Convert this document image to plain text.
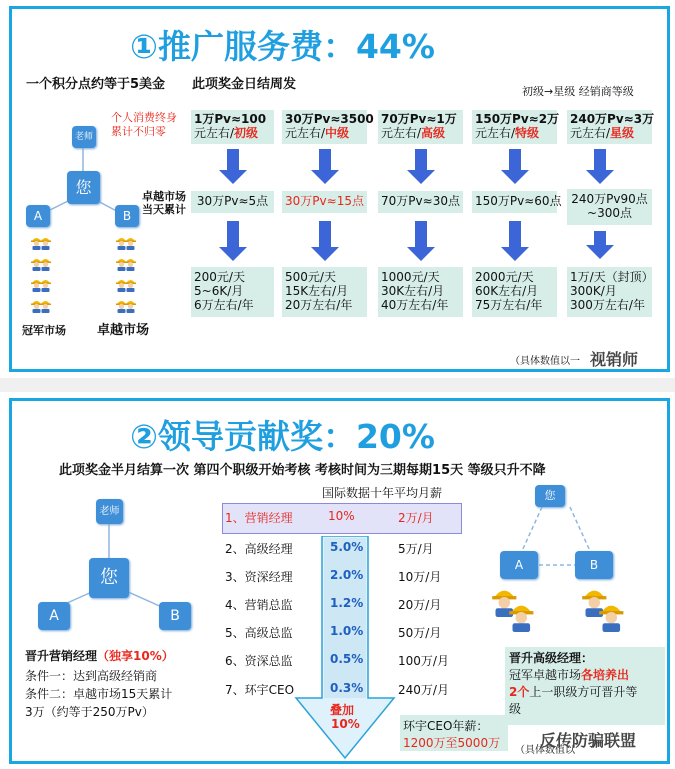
①推广服务费：44%
一个积分点约等于5美金 此项奖金日结周发	初级→星级 经销商等级
个人消费终身
累计不归零
卓越市场
当天累计
老师
您
A	B
冠军市场 卓越市场
1万Pv≈100
元左右/初级
30万Pv≈5点
200元/天
5~6K/月
6万左右/年
30万Pv≈3500
元左右/中级
30万Pv≈15点
500元/天
15K左右/月
20万左右/年
70万Pv≈1万
元左右/高级
70万Pv≈30点
1000元/天
30K左右/月
40万左右/年
150万Pv≈2万
元左右/特级
150万Pv≈60点
2000元/天
60K左右/月
75万左右/年
240万Pv≈3万
元左右/星级
240万Pv90点
~300点
1万/天（封顶）
300K/月
300万左右/年
（具体数值以一 视销师
②领导贡献奖：20%
此项奖金半月结算一次 第四个职级开始考核 考核时间为三期每期15天 等级只升不降
老师
您
A	B
晋升营销经理（独享10%）
条件一：达到高级经销商
条件二：卓越市场15天累计
3万（约等于250万Pv）
国际数据十年平均月薪
1、营销经理	10%	2万/月
2、高级经理	5.0%	5万/月
3、资深经理	2.0%	10万/月
4、营销总监	1.2%	20万/月
5、高级总监	1.0%	50万/月
6、资深总监	0.5%	100万/月
7、环宇CEO	0.3%	240万/月
叠加
10%	环宇CEO年薪：
1200万至5000万
您
A	B
晋升高级经理：
冠军卓越市场各培养出
2个上一职级方可晋升等
级
（具体数值以
反传防骗联盟
